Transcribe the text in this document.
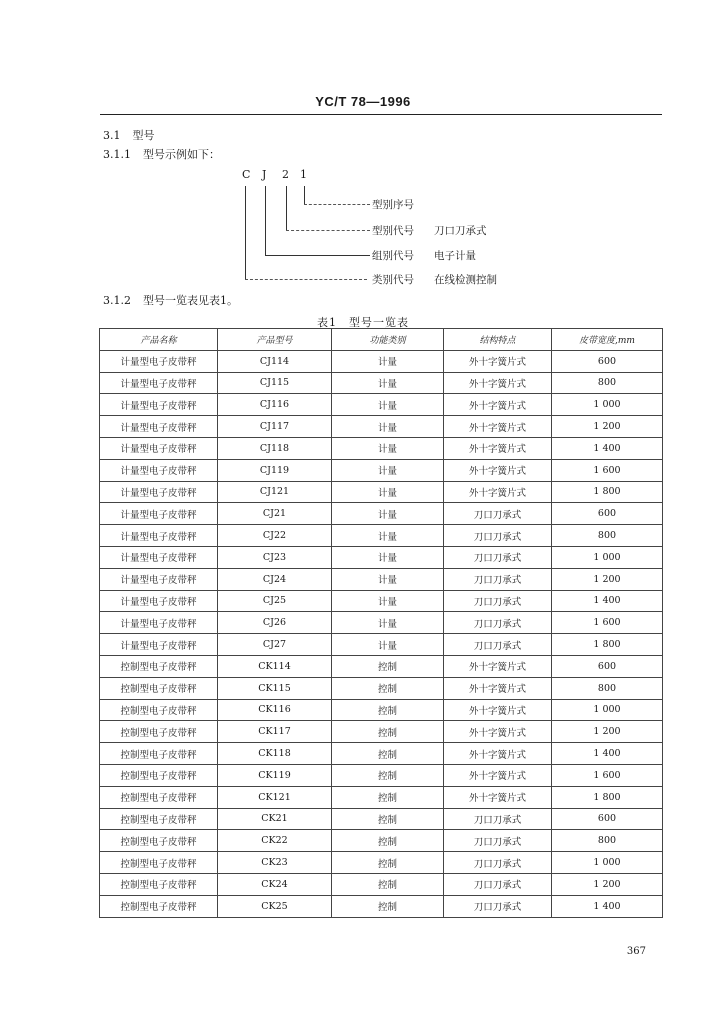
YC/T 78—1996
3.1 型号
3.1.1 型号示例如下：
C J 2 1
型别序号
型别代号 刀口刀承式
组别代号 电子计量
类别代号 在线检测控制
3.1.2 型号一览表见表1。
表1　型号一览表
产品名称	产品型号	功能类别	结构特点	皮带宽度,mm
计量型电子皮带秤	CJ114	计量	外十字簧片式	600
计量型电子皮带秤	CJ115	计量	外十字簧片式	800
计量型电子皮带秤	CJ116	计量	外十字簧片式	1 000
计量型电子皮带秤	CJ117	计量	外十字簧片式	1 200
计量型电子皮带秤	CJ118	计量	外十字簧片式	1 400
计量型电子皮带秤	CJ119	计量	外十字簧片式	1 600
计量型电子皮带秤	CJ121	计量	外十字簧片式	1 800
计量型电子皮带秤	CJ21	计量	刀口刀承式	600
计量型电子皮带秤	CJ22	计量	刀口刀承式	800
计量型电子皮带秤	CJ23	计量	刀口刀承式	1 000
计量型电子皮带秤	CJ24	计量	刀口刀承式	1 200
计量型电子皮带秤	CJ25	计量	刀口刀承式	1 400
计量型电子皮带秤	CJ26	计量	刀口刀承式	1 600
计量型电子皮带秤	CJ27	计量	刀口刀承式	1 800
控制型电子皮带秤	CK114	控制	外十字簧片式	600
控制型电子皮带秤	CK115	控制	外十字簧片式	800
控制型电子皮带秤	CK116	控制	外十字簧片式	1 000
控制型电子皮带秤	CK117	控制	外十字簧片式	1 200
控制型电子皮带秤	CK118	控制	外十字簧片式	1 400
控制型电子皮带秤	CK119	控制	外十字簧片式	1 600
控制型电子皮带秤	CK121	控制	外十字簧片式	1 800
控制型电子皮带秤	CK21	控制	刀口刀承式	600
控制型电子皮带秤	CK22	控制	刀口刀承式	800
控制型电子皮带秤	CK23	控制	刀口刀承式	1 000
控制型电子皮带秤	CK24	控制	刀口刀承式	1 200
控制型电子皮带秤	CK25	控制	刀口刀承式	1 400
367
